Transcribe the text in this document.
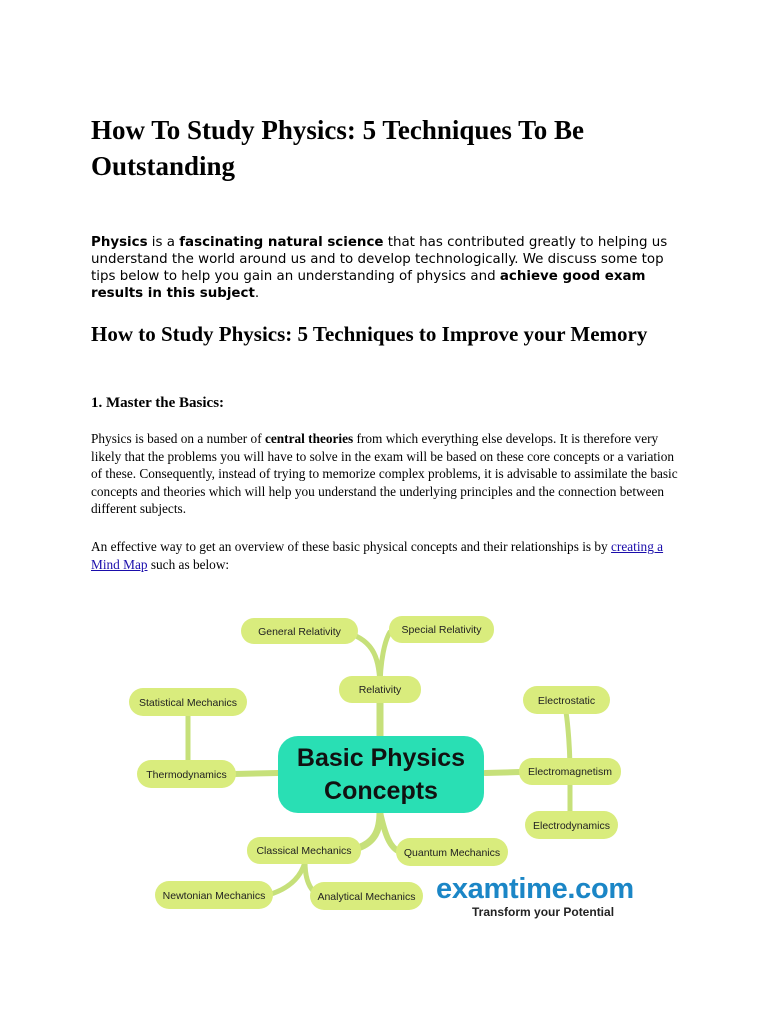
How To Study Physics: 5 Techniques To Be Outstanding

Physics is a fascinating natural science that has contributed greatly to helping us understand the world around us and to develop technologically. We discuss some top tips below to help you gain an understanding of physics and achieve good exam results in this subject.

How to Study Physics: 5 Techniques to Improve your Memory
1. Master the Basics:

Physics is based on a number of central theories from which everything else develops. It is therefore very likely that the problems you will have to solve in the exam will be based on these core concepts or a variation of these. Consequently, instead of trying to memorize complex problems, it is advisable to assimilate the basic concepts and theories which will help you understand the underlying principles and the connection between different subjects.

An effective way to get an overview of these basic physical concepts and their relationships is by creating a Mind Map such as below:

General Relativity	Special Relativity
Relativity
Statistical Mechanics
Thermodynamics
Electrostatic
Electromagnetism
Electrodynamics
Classical Mechanics	Quantum Mechanics
Newtonian Mechanics	Analytical Mechanics
Basic Physics
Concepts
examtime.com
Transform your Potential
